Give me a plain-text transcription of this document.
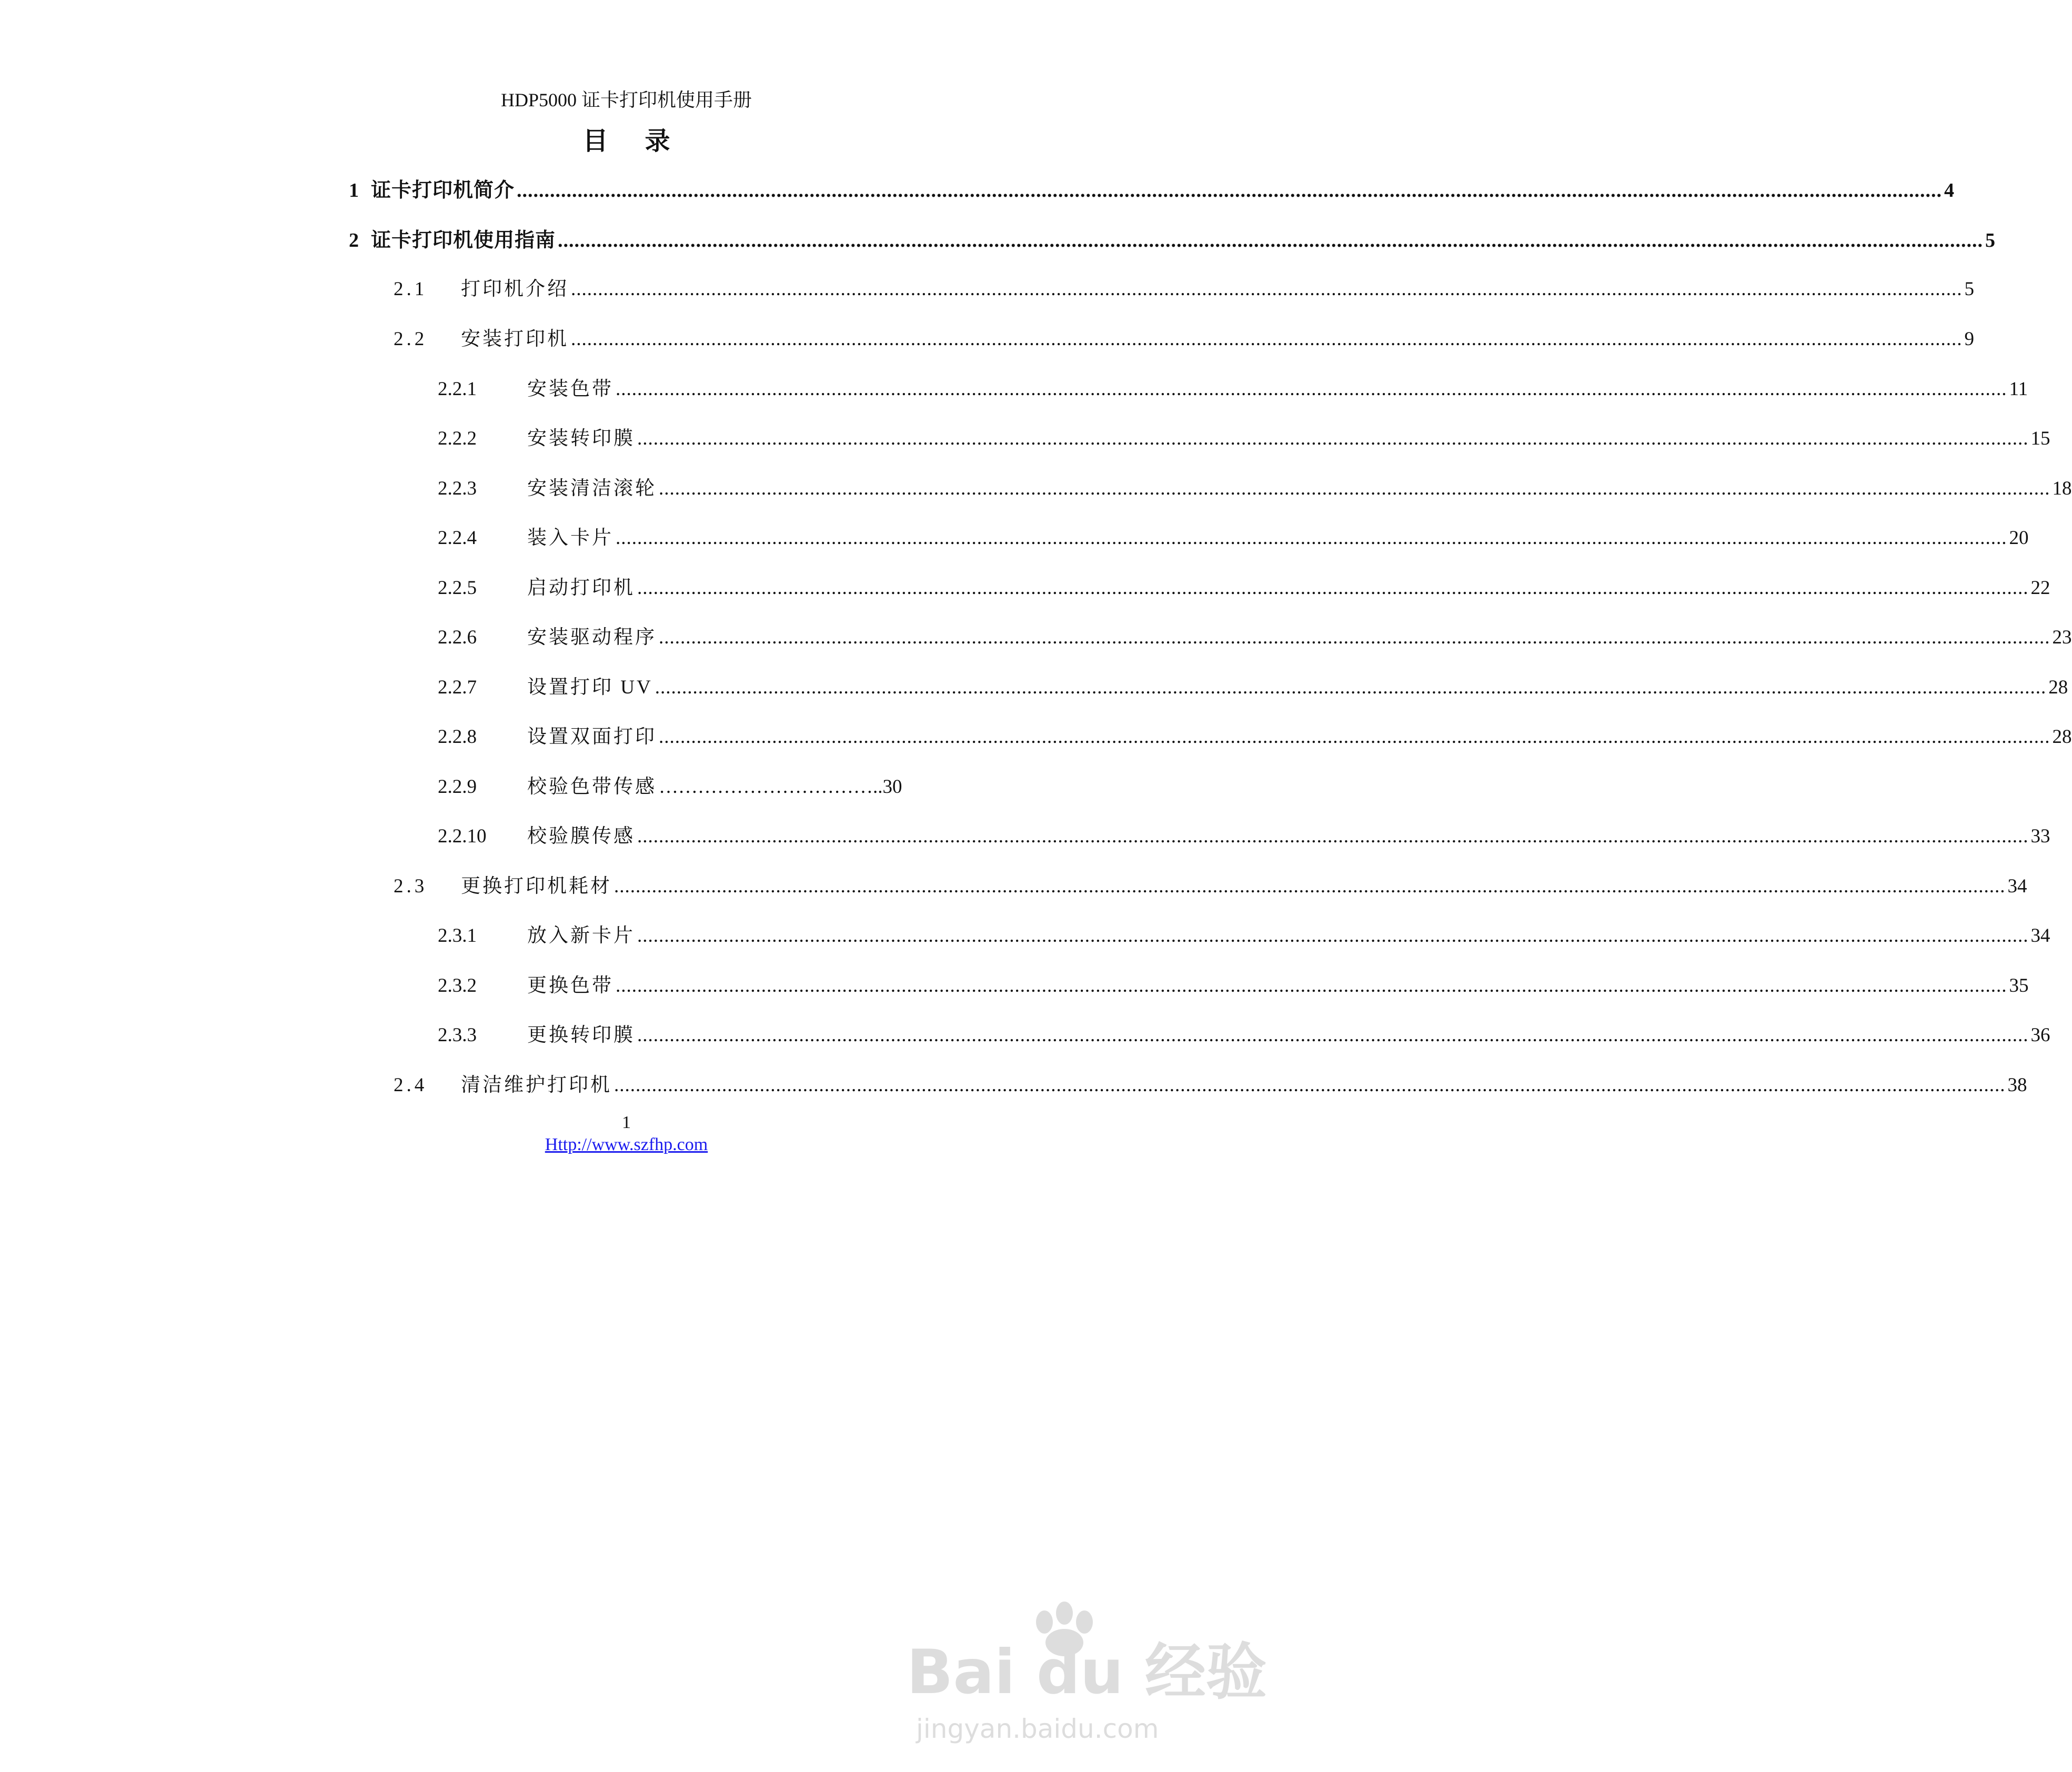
HDP5000 证卡打印机使用手册
目录
1 证卡打印机简介 .....	4
2 证卡打印机使用指南 .....	5
2.1	打印机介绍 .....	5
2.2	安装打印机 .....	9
2.2.1	安装色带 .....	11
2.2.2	安装转印膜 .....	15
2.2.3	安装清洁滚轮 .....	18
2.2.4	装入卡片 .....	20
2.2.5	启动打印机 .....	22
2.2.6	安装驱动程序 .....	23
2.2.7	设置打印 UV .....	28
2.2.8	设置双面打印 .....	28
2.2.9	校验色带传感 …………………………….. 30
2.2.10	校验膜传感 .....	33
2.3	更换打印机耗材 .....	34
2.3.1	放入新卡片 .....	34
2.3.2	更换色带 .....	35
2.3.3	更换转印膜 .....	36
2.4	清洁维护打印机 .....	38
1
Http://www.szfhp.com
Bai du 经验
jingyan.baidu.com
